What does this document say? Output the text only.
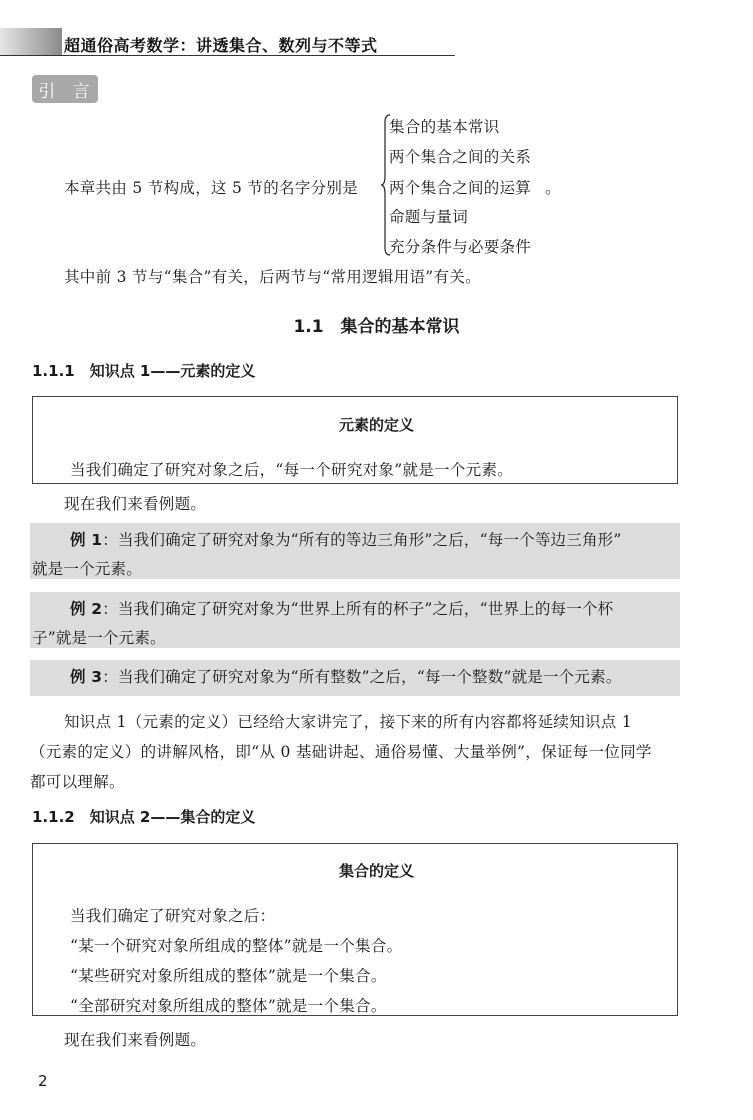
超通俗高考数学：讲透集合、数列与不等式
引 言
本章共由 5 节构成，这 5 节的名字分别是
集合的基本常识
两个集合之间的关系
两个集合之间的运算 。
命题与量词
充分条件与必要条件
其中前 3 节与“集合”有关，后两节与“常用逻辑用语”有关。
1.1　集合的基本常识
1.1.1　知识点 1——元素的定义
元素的定义
当我们确定了研究对象之后，“每一个研究对象”就是一个元素。
现在我们来看例题。
例 1：当我们确定了研究对象为“所有的等边三角形”之后，“每一个等边三角形”
就是一个元素。
例 2：当我们确定了研究对象为“世界上所有的杯子”之后，“世界上的每一个杯
子”就是一个元素。
例 3：当我们确定了研究对象为“所有整数”之后，“每一个整数”就是一个元素。
知识点 1（元素的定义）已经给大家讲完了，接下来的所有内容都将延续知识点 1
（元素的定义）的讲解风格，即“从 0 基础讲起、通俗易懂、大量举例”，保证每一位同学
都可以理解。
1.1.2　知识点 2——集合的定义
集合的定义
当我们确定了研究对象之后：
“某一个研究对象所组成的整体”就是一个集合。
“某些研究对象所组成的整体”就是一个集合。
“全部研究对象所组成的整体”就是一个集合。
现在我们来看例题。
2
